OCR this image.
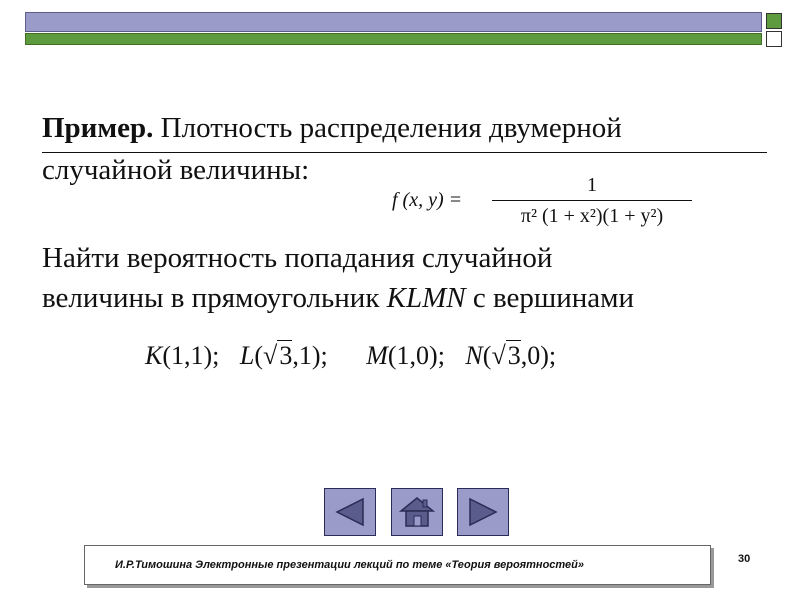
Пример. Плотность распределения двумерной
случайной величины:
f (x, y) =
1
π² (1 + x²)(1 + y²)
Найти вероятность попадания случайной
величины в прямоугольник KLMN с вершинами
K(1,1); L(√3,1); M(1,0); N(√3,0);
И.Р.Тимошина Электронные презентации лекций по теме «Теория вероятностей»	30
